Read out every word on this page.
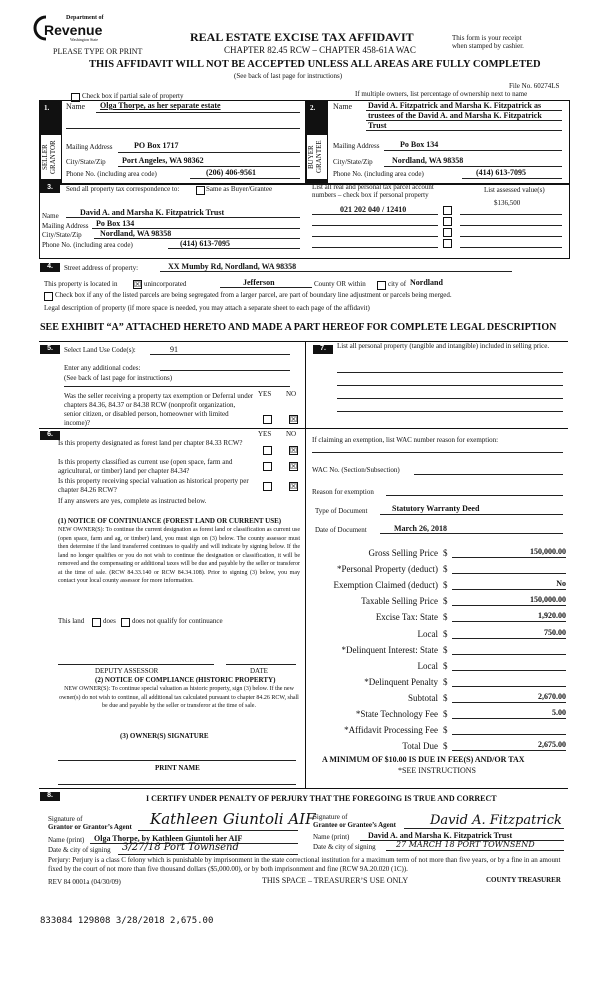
Department of
Revenue
Washington State
PLEASE TYPE OR PRINT
REAL ESTATE EXCISE TAX AFFIDAVIT
CHAPTER 82.45 RCW – CHAPTER 458-61A WAC
THIS AFFIDAVIT WILL NOT BE ACCEPTED UNLESS ALL AREAS ARE FULLY COMPLETED
(See back of last page for instructions)
This form is your receipt
when stamped by cashier.
File No. 60274LS
Check box if partial sale of property	If multiple owners, list percentage of ownership next to name
1.
SELLER GRANTOR
2.
BUYER GRANTEE
Name Olga Thorpe, as her separate estate
Mailing Address	PO Box 1717
City/State/Zip Port Angeles, WA 98362
Phone No. (including area code)	(206) 406-9561
Name David A. Fitzpatrick and Marsha K. Fitzpatrick as
trustees of the David A. and Marsha K. Fitzpatrick
Trust
Mailing Address	Po Box 134
City/State/Zip Nordland, WA 98358
Phone No. (including area code)	(414) 613-7095
3.	Send all property tax correspondence to:	Same as Buyer/Grantee
Name	David A. and Marsha K. Fitzpatrick Trust
Mailing Address Po Box 134
City/State/Zip Nordland, WA 98358
Phone No. (including area code)	(414) 613-7095
List all real and personal tax parcel account
numbers – check box if personal property
List assessed value(s)
$136,500
021 202 040 / 12410
4.	Street address of property:	XX Mumby Rd, Nordland, WA 98358
This property is located in ☒ unincorporated	Jefferson	County OR within	city of Nordland
Check box if any of the listed parcels are being segregated from a larger parcel, are part of boundary line adjustment or parcels being merged.
Legal description of property (if more space is needed, you may attach a separate sheet to each page of the affidavit)
SEE EXHIBIT “A” ATTACHED HERETO AND MADE A PART HEREOF FOR COMPLETE LEGAL DESCRIPTION
5.	Select Land Use Code(s):	91
Enter any additional codes:
(See back of last page for instructions)
YES NO
Was the seller receiving a property tax exemption or Deferral under chapters 84.36, 84.37 or 84.38 RCW (nonprofit organization, senior citizen, or disabled person, homeowner with limited income)?	☒
6.	YES NO
Is this property designated as forest land per chapter 84.33 RCW?
☒
Is this property classified as current use (open space, farm and agricultural, or timber) land per chapter 84.34?	☒
Is this property receiving special valuation as historical property per chapter 84.26 RCW?	☒
If any answers are yes, complete as instructed below.
(1) NOTICE OF CONTINUANCE (FOREST LAND OR CURRENT USE)
NEW OWNER(S): To continue the current designation as forest land or classification as current use (open space, farm and ag, or timber) land, you must sign on (3) below. The county assessor must then determine if the land transferred continues to qualify and will indicate by signing below. If the land no longer qualifies or you do not wish to continue the designation or classification, it will be removed and the compensating or additional taxes will be due and payable by the seller or transferor at the time of sale. (RCW 84.33.140 or RCW 84.34.108). Prior to signing (3) below, you may contact your local county assessor for more information.
This land	does does not qualify for continuance
DEPUTY ASSESSOR	DATE
(2) NOTICE OF COMPLIANCE (HISTORIC PROPERTY)
NEW OWNER(S): To continue special valuation as historic property, sign (3) below. If the new owner(s) do not wish to continue, all additional tax calculated pursuant to chapter 84.26 RCW, shall be due and payable by the seller or transferor at the time of sale.
(3) OWNER(S) SIGNATURE
PRINT NAME
7.	List all personal property (tangible and intangible) included in selling price.
If claiming an exemption, list WAC number reason for exemption:
WAC No. (Section/Subsection)
Reason for exemption
Type of Document	Statutory Warranty Deed
Date of Document	March 26, 2018
Gross Selling Price $	150,000.00
*Personal Property (deduct) $
Exemption Claimed (deduct) $	No
Taxable Selling Price $	150,000.00
Excise Tax: State $	1,920.00
Local $	750.00
*Delinquent Interest: State $
Local $
*Delinquent Penalty $
Subtotal $	2,670.00
*State Technology Fee $	5.00
*Affidavit Processing Fee $
Total Due $	2,675.00
A MINIMUM OF $10.00 IS DUE IN FEE(S) AND/OR TAX
*SEE INSTRUCTIONS
8.	I CERTIFY UNDER PENALTY OF PERJURY THAT THE FOREGOING IS TRUE AND CORRECT
Signature of
Grantor or Grantor’s Agent Kathleen Giuntoli AIF
Name (print) Olga Thorpe, by Kathleen Giuntoli her AIF
Date & city of signing 3/27/18 Port Townsend
Signature of
Grantee or Grantee’s Agent	David A. Fitzpatrick
Name (print) David A. and Marsha K. Fitzpatrick Trust
Date & city of signing	27 MARCH 18 PORT TOWNSEND
Perjury: Perjury is a class C felony which is punishable by imprisonment in the state correctional institution for a maximum term of not more than five years, or by a fine in an amount fixed by the court of not more than five thousand dollars ($5,000.00), or by both imprisonment and fine (RCW 9A.20.020 (1C)).
REV 84 0001a (04/30/09)	THIS SPACE – TREASURER’S USE ONLY	COUNTY TREASURER
833084 129808 3/28/2018 2,675.00
